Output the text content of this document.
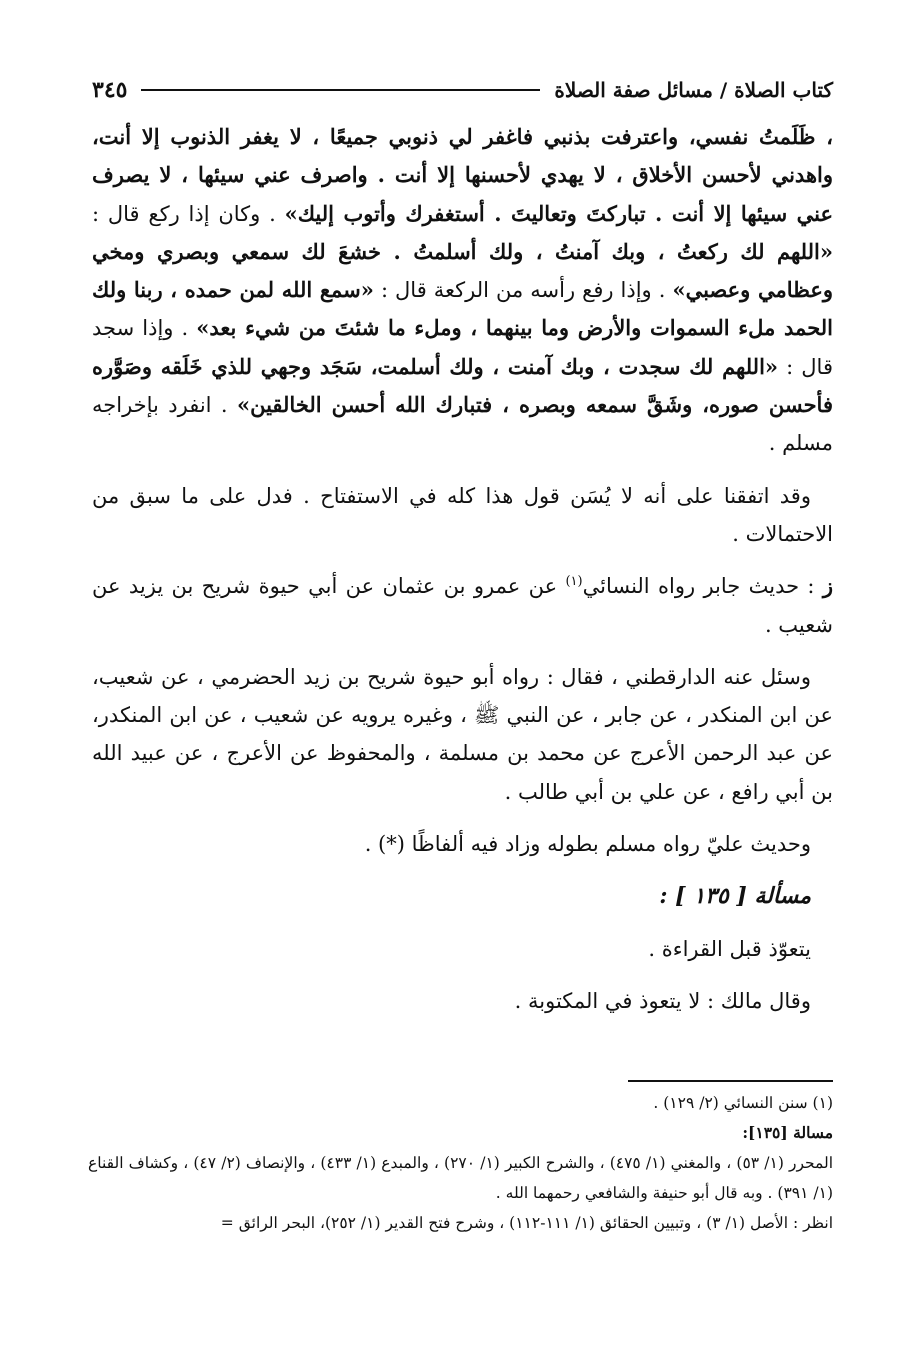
كتاب الصلاة / مسائل صفة الصلاة
٣٤٥

، ظَلَمتُ نفسي، واعترفت بذنبي فاغفر لي ذنوبي جميعًا ، لا يغفر الذنوب إلا أنت، واهدني لأحسن الأخلاق ، لا يهدي لأحسنها إلا أنت . واصرف عني سيئها ، لا يصرف عني سيئها إلا أنت . تباركتَ وتعاليتَ . أستغفرك وأتوب إليك» . وكان إذا ركع قال : «اللهم لك ركعتُ ، وبك آمنتُ ، ولك أسلمتُ . خشعَ لك سمعي وبصري ومخي وعظامي وعصبي» . وإذا رفع رأسه من الركعة قال : «سمع الله لمن حمده ، ربنا ولك الحمد ملء السموات والأرض وما بينهما ، وملء ما شئتَ من شيء بعد» . وإذا سجد قال : «اللهم لك سجدت ، وبك آمنت ، ولك أسلمت، سَجَد وجهي للذي خَلَقه وصَوَّره فأحسن صوره، وشَقَّ سمعه وبصره ، فتبارك الله أحسن الخالقين» . انفرد بإخراجه مسلم .

وقد اتفقنا على أنه لا يُسَن قول هذا كله في الاستفتاح . فدل على ما سبق من الاحتمالات .

ز : حديث جابر رواه النسائي$^{(١)}$ عن عمرو بن عثمان عن أبي حيوة شريح بن يزيد عن شعيب .

وسئل عنه الدارقطني ، فقال : رواه أبو حيوة شريح بن زيد الحضرمي ، عن شعيب، عن ابن المنكدر ، عن جابر ، عن النبي ﷺ ، وغيره يرويه عن شعيب ، عن ابن المنكدر، عن عبد الرحمن الأعرج عن محمد بن مسلمة ، والمحفوظ عن الأعرج ، عن عبيد الله بن أبي رافع ، عن علي بن أبي طالب .

وحديث عليّ رواه مسلم بطوله وزاد فيه ألفاظًا (*) .

مسألة [ ١٣٥ ] :

يتعوّذ قبل القراءة .

وقال مالك : لا يتعوذ في المكتوبة .

(١) سنن النسائي (٢/ ١٢٩) .

مسالة [١٣٥]:

المحرر (١/ ٥٣) ، والمغني (١/ ٤٧٥) ، والشرح الكبير (١/ ٢٧٠) ، والمبدع (١/ ٤٣٣) ، والإنصاف (٢/ ٤٧) ، وكشاف القناع (١/ ٣٩١) . وبه قال أبو حنيفة والشافعي رحمهما الله .

انظر : الأصل (١/ ٣) ، وتبيين الحقائق (١/ ١١١-١١٢) ، وشرح فتح القدير (١/ ٢٥٢)، البحر الرائق =
